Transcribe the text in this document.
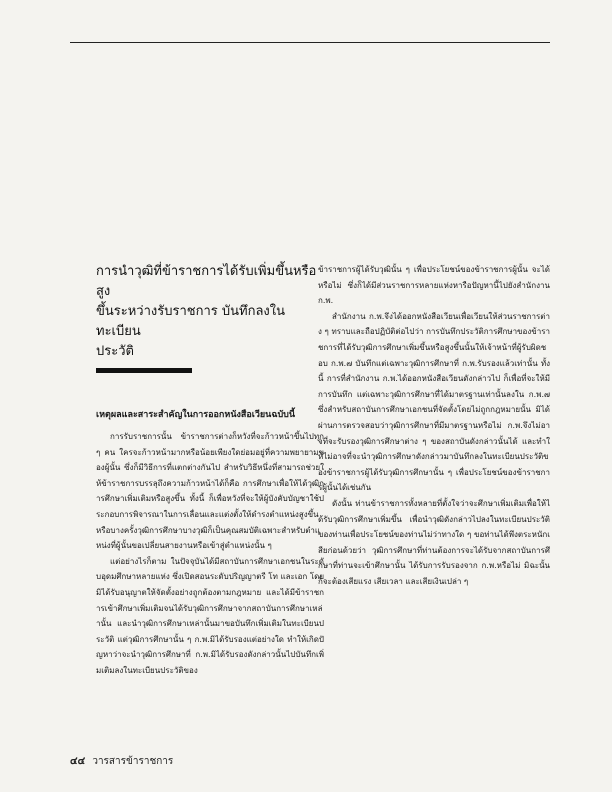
การนำวุฒิที่ข้าราชการได้รับเพิ่มขึ้นหรือสูง
ขึ้นระหว่างรับราชการ บันทึกลงในทะเบียน
ประวัติ
เหตุผลและสาระสำคัญในการออกหนังสือเวียนฉบับนี้

การรับราชการนั้น ข้าราชการต่างก็หวังที่จะก้าวหน้าขึ้นไปทุก ๆ คน ใครจะก้าวหน้ามากหรือน้อยเพียงใดย่อมอยู่ที่ความพยายามของผู้นั้น ซึ่งก็มีวิธีการที่แตกต่างกันไป สำหรับวิธีหนึ่งที่สามารถช่วยให้ข้าราชการบรรลุถึงความก้าวหน้าได้ก็คือ การศึกษาเพื่อให้ได้วุฒิการศึกษาเพิ่มเติมหรือสูงขึ้น ทั้งนี้ ก็เพื่อหวังที่จะให้ผู้บังคับบัญชาใช้ประกอบการพิจารณาในการเลื่อนและแต่งตั้งให้ดำรงตำแหน่งสูงขึ้น หรือบางครั้งวุฒิการศึกษาบางวุฒิก็เป็นคุณสมบัติเฉพาะสำหรับตำแหน่งที่ผู้นั้นขอเปลี่ยนสายงานหรือเข้าสู่ตำแหน่งนั้น ๆ

แต่อย่างไรก็ตาม ในปัจจุบันได้มีสถาบันการศึกษาเอกชนในระดับอุดมศึกษาหลายแห่ง ซึ่งเปิดสอนระดับปริญญาตรี โท และเอก โดยมิได้รับอนุญาตให้จัดตั้งอย่างถูกต้องตามกฎหมาย และได้มีข้าราชการเข้าศึกษาเพิ่มเติมจนได้รับวุฒิการศึกษาจากสถาบันการศึกษาเหล่านั้น และนำวุฒิการศึกษาเหล่านั้นมาขอบันทึกเพิ่มเติมในทะเบียนประวัติ แต่วุฒิการศึกษานั้น ๆ ก.พ.มิได้รับรองแต่อย่างใด ทำให้เกิดปัญหาว่าจะนำวุฒิการศึกษาที่ ก.พ.มิได้รับรองดังกล่าวนั้นไปบันทึกเพิ่มเติมลงในทะเบียนประวัติของ

ข้าราชการผู้ได้รับวุฒินั้น ๆ เพื่อประโยชน์ของข้าราชการผู้นั้น จะได้หรือไม่ ซึ่งก็ได้มีส่วนราชการหลายแห่งหารือปัญหานี้ไปยังสำนักงาน ก.พ.

สำนักงาน ก.พ.จึงได้ออกหนังสือเวียนเพื่อเวียนให้ส่วนราชการต่าง ๆ ทราบและถือปฏิบัติต่อไปว่า การบันทึกประวัติการศึกษาของข้าราชการที่ได้รับวุฒิการศึกษาเพิ่มขึ้นหรือสูงขึ้นนั้นให้เจ้าหน้าที่ผู้รับผิดชอบ ก.พ.๗ บันทึกแต่เฉพาะวุฒิการศึกษาที่ ก.พ.รับรองแล้วเท่านั้น ทั้งนี้ การที่สำนักงาน ก.พ.ได้ออกหนังสือเวียนดังกล่าวไป ก็เพื่อที่จะให้มีการบันทึก แต่เฉพาะวุฒิการศึกษาที่ได้มาตรฐานเท่านั้นลงใน ก.พ.๗ ซึ่งสำหรับสถาบันการศึกษาเอกชนที่จัดตั้งโดยไม่ถูกกฎหมายนั้น มิได้ผ่านการตรวจสอบว่าวุฒิการศึกษาที่มีมาตรฐานหรือไม่ ก.พ.จึงไม่อาจที่จะรับรองวุฒิการศึกษาต่าง ๆ ของสถาบันดังกล่าวนั้นได้ และทำให้ไม่อาจที่จะนำวุฒิการศึกษาดังกล่าวมาบันทึกลงในทะเบียนประวัติของข้าราชการผู้ได้รับวุฒิการศึกษานั้น ๆ เพื่อประโยชน์ของข้าราชการผู้นั้นได้เช่นกัน

ดังนั้น ท่านข้าราชการทั้งหลายที่ตั้งใจว่าจะศึกษาเพิ่มเติมเพื่อให้ได้รับวุฒิการศึกษาเพิ่มขึ้น เพื่อนำวุฒิดังกล่าวไปลงในทะเบียนประวัติของท่านเพื่อประโยชน์ของท่านไม่ว่าทางใด ๆ ขอท่านได้พึงตระหนักเสียก่อนด้วยว่า วุฒิการศึกษาที่ท่านต้องการจะได้รับจากสถาบันการศึกษาที่ท่านจะเข้าศึกษานั้น ได้รับการรับรองจาก ก.พ.หรือไม่ มิฉะนั้นก็จะต้องเสียแรง เสียเวลา และเสียเงินเปล่า ๆ

๔๔ วารสารข้าราชการ
